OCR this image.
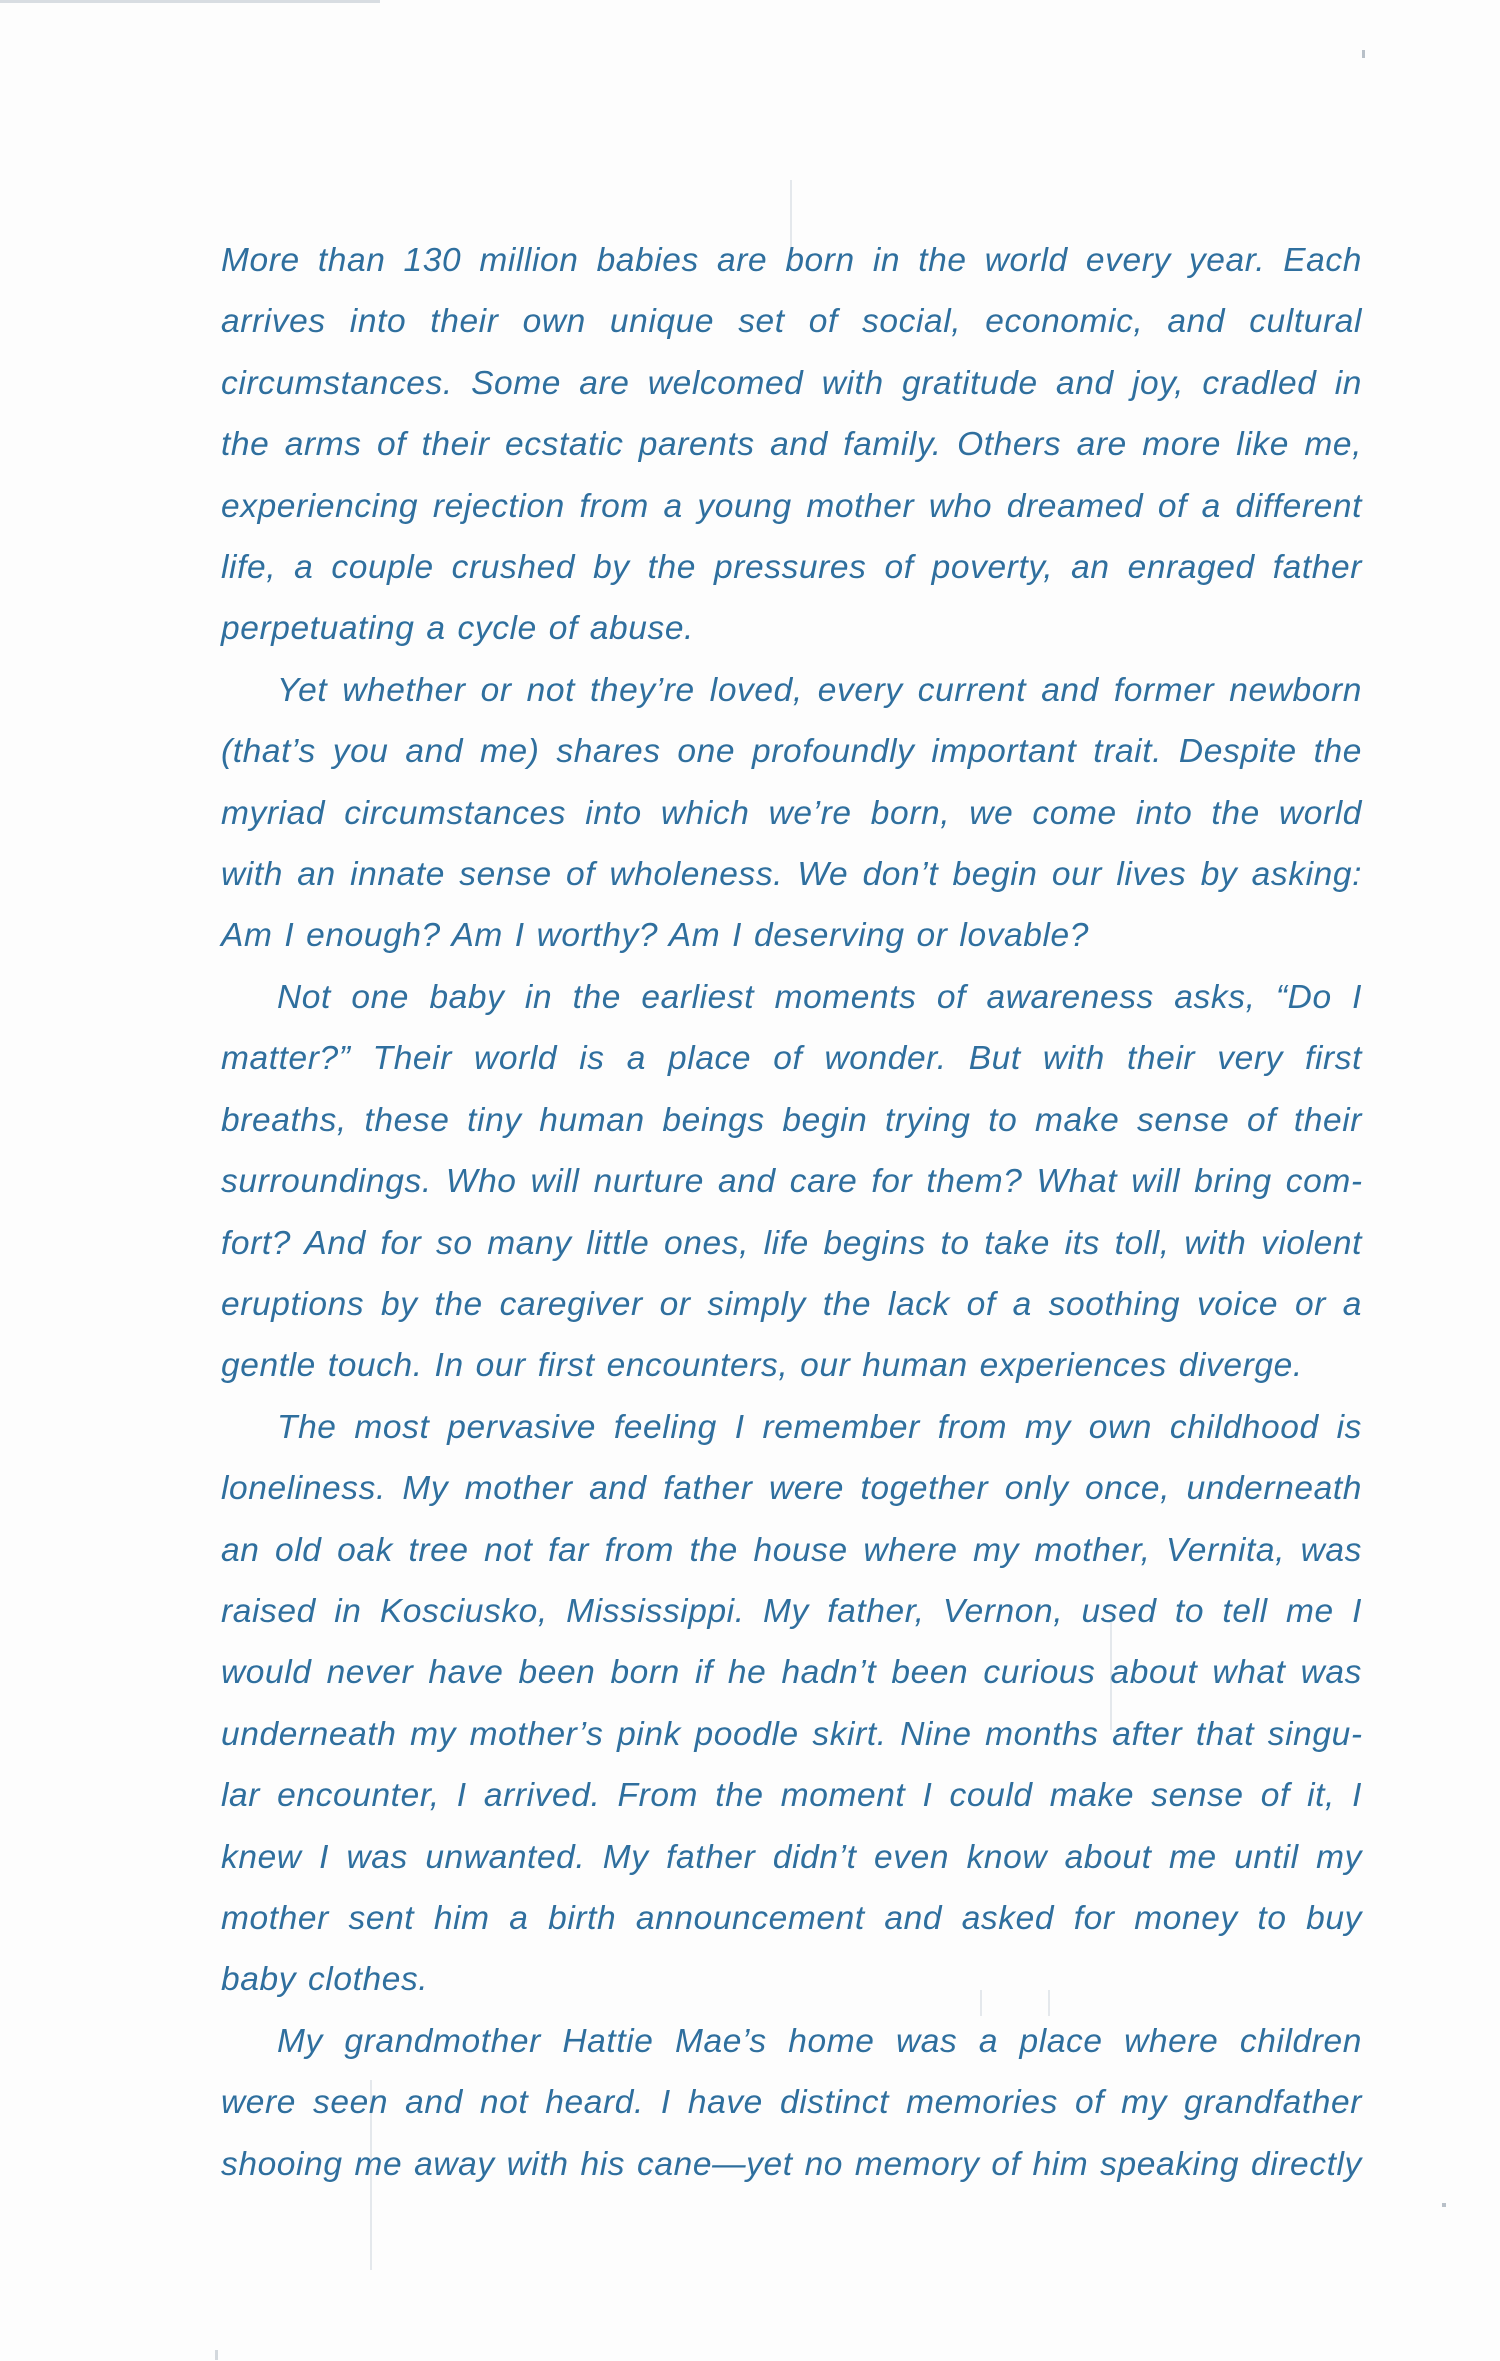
More than 130 million babies are born in the world every year. Each arrives into their own unique set of social, economic, and cultural circumstances. Some are welcomed with gratitude and joy, cradled in the arms of their ecstatic parents and family. Others are more like me, experiencing rejection from a young mother who dreamed of a different life, a couple crushed by the pressures of poverty, an enraged father perpetuating a cycle of abuse.

Yet whether or not they’re loved, every current and former newborn (that’s you and me) shares one profoundly important trait. Despite the myriad circumstances into which we’re born, we come into the world with an innate sense of wholeness. We don’t begin our lives by asking: Am I enough? Am I worthy? Am I deserving or lovable?

Not one baby in the earliest moments of awareness asks, “Do I matter?” Their world is a place of wonder. But with their very first breaths, these tiny human beings begin trying to make sense of their surroundings. Who will nurture and care for them? What will bring comfort? And for so many little ones, life begins to take its toll, with violent eruptions by the caregiver or simply the lack of a soothing voice or a gentle touch. In our first encounters, our human experiences diverge.

The most pervasive feeling I remember from my own childhood is loneliness. My mother and father were together only once, underneath an old oak tree not far from the house where my mother, Vernita, was raised in Kosciusko, Mississippi. My father, Vernon, used to tell me I would never have been born if he hadn’t been curious about what was underneath my mother’s pink poodle skirt. Nine months after that singular encounter, I arrived. From the moment I could make sense of it, I knew I was unwanted. My father didn’t even know about me until my mother sent him a birth announcement and asked for money to buy baby clothes.

My grandmother Hattie Mae’s home was a place where children were seen and not heard. I have distinct memories of my grandfather shooing me away with his cane—yet no memory of him speaking directly
